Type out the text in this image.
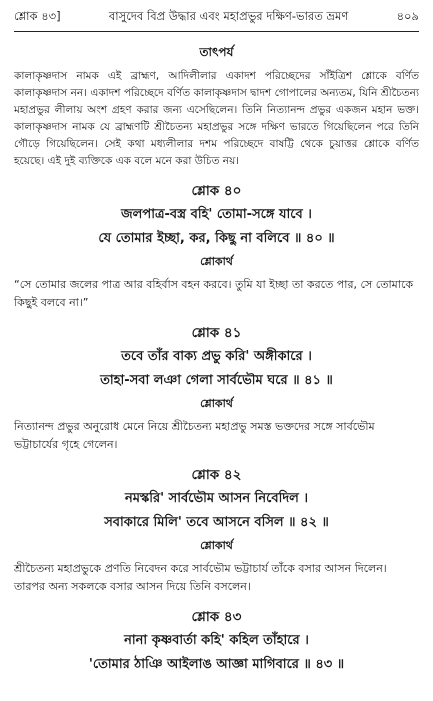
শ্লোক ৪৩]	বাসুদেব বিপ্র উদ্ধার এবং মহাপ্রভুর দক্ষিণ-ভারত ভ্রমণ	৪০৯

তাৎপর্য

কালাকৃষ্ণদাস নামক এই ব্রাহ্মণ, আদিলীলার একাদশ পরিচ্ছেদের সাঁইত্রিশ শ্লোকে বর্ণিত কালাকৃষ্ণদাস নন। একাদশ পরিচ্ছেদে বর্ণিত কালাকৃষ্ণদাস দ্বাদশ গোপালের অন্যতম, যিনি শ্রীচৈতন্য মহাপ্রভুর লীলায় অংশ গ্রহণ করার জন্য এসেছিলেন। তিনি নিত্যানন্দ প্রভুর একজন মহান ভক্ত। কালাকৃষ্ণদাস নামক যে ব্রাহ্মণটি শ্রীচৈতন্য মহাপ্রভুর সঙ্গে দক্ষিণ ভারতে গিয়েছিলেন পরে তিনি গৌড়ে গিয়েছিলেন। সেই কথা মধ্যলীলার দশম পরিচ্ছেদে বাষট্টি থেকে চুয়াত্তর শ্লোকে বর্ণিত হয়েছে। এই দুই ব্যক্তিকে এক বলে মনে করা উচিত নয়।

শ্লোক ৪০

জলপাত্র-বস্ত্র বহি' তোমা-সঙ্গে যাবে ।

যে তোমার ইচ্ছা, কর, কিছু না বলিবে ॥ ৪০ ॥

শ্লোকার্থ

“সে তোমার জলের পাত্র আর বহির্বাস বহন করবে। তুমি যা ইচ্ছা তা করতে পার, সে তোমাকে কিছুই বলবে না।”

শ্লোক ৪১

তবে তাঁর বাক্য প্রভু করি' অঙ্গীকারে ।

তাহা-সবা লঞা গেলা সার্বভৌম ঘরে ॥ ৪১ ॥

শ্লোকার্থ

নিত্যানন্দ প্রভুর অনুরোধ মেনে নিয়ে শ্রীচৈতন্য মহাপ্রভু সমস্ত ভক্তদের সঙ্গে সার্বভৌম ভট্টাচার্যের গৃহে গেলেন।

শ্লোক ৪২

নমস্করি' সার্বভৌম আসন নিবেদিল ।

সবাকারে মিলি' তবে আসনে বসিল ॥ ৪২ ॥

শ্লোকার্থ

শ্রীচৈতন্য মহাপ্রভুকে প্রণতি নিবেদন করে সার্বভৌম ভট্টাচার্য তাঁকে বসার আসন দিলেন। তারপর অন্য সকলকে বসার আসন দিয়ে তিনি বসলেন।

শ্লোক ৪৩

নানা কৃষ্ণবার্তা কহি' কহিল তাঁহারে ।

'তোমার ঠাঞি আইলাঙ আজ্ঞা মাগিবারে ॥ ৪৩ ॥
